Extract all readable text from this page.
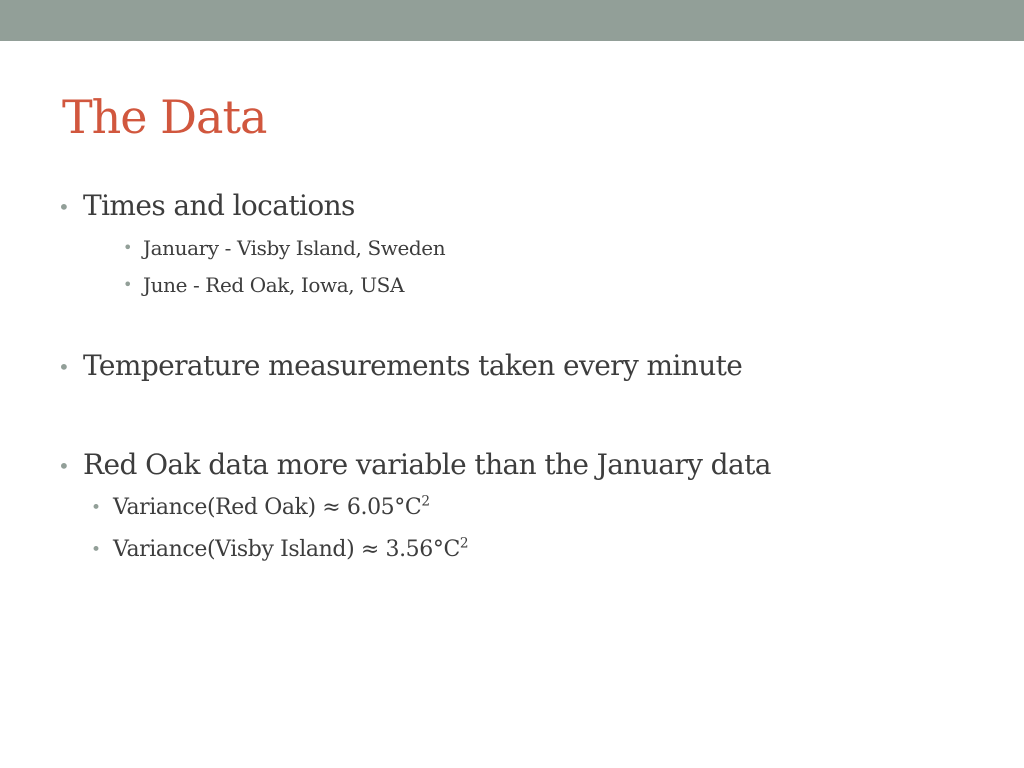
The Data
• Times and locations
• January - Visby Island, Sweden
• June - Red Oak, Iowa, USA
• Temperature measurements taken every minute
• Red Oak data more variable than the January data
• Variance(Red $Oak) \approx 6.05^\circ C^2$
• Variance(Visby Island) ≈ $3.56^\circ C^2$
